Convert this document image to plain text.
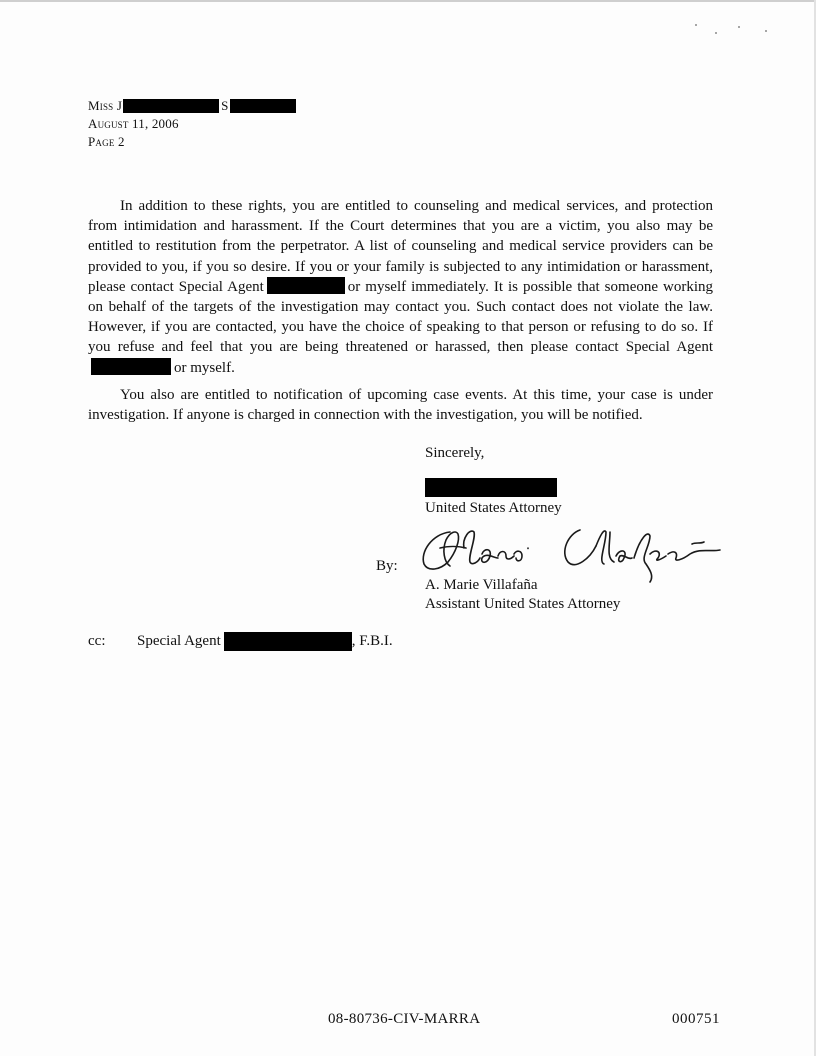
Miss J	S
August 11, 2006
Page 2
In addition to these rights, you are entitled to counseling and medical services, and protection from intimidation and harassment. If the Court determines that you are a victim, you also may be entitled to restitution from the perpetrator. A list of counseling and medical service providers can be provided to you, if you so desire. If you or your family is subjected to any intimidation or harassment, please contact Special Agent	or myself immediately. It is possible that someone working on behalf of the targets of the investigation may contact you. Such contact does not violate the law. However, if you are contacted, you have the choice of speaking to that person or refusing to do so. If you refuse and feel that you are being threatened or harassed, then please contact Special Agentor myself.
You also are entitled to notification of upcoming case events. At this time, your case is under investigation. If anyone is charged in connection with the investigation, you will be notified.
Sincerely,
United States Attorney
By:
A. Marie Villafaña
Assistant United States Attorney
cc:	Special Agent	, F.B.I.
08-80736-CIV-MARRA	000751
